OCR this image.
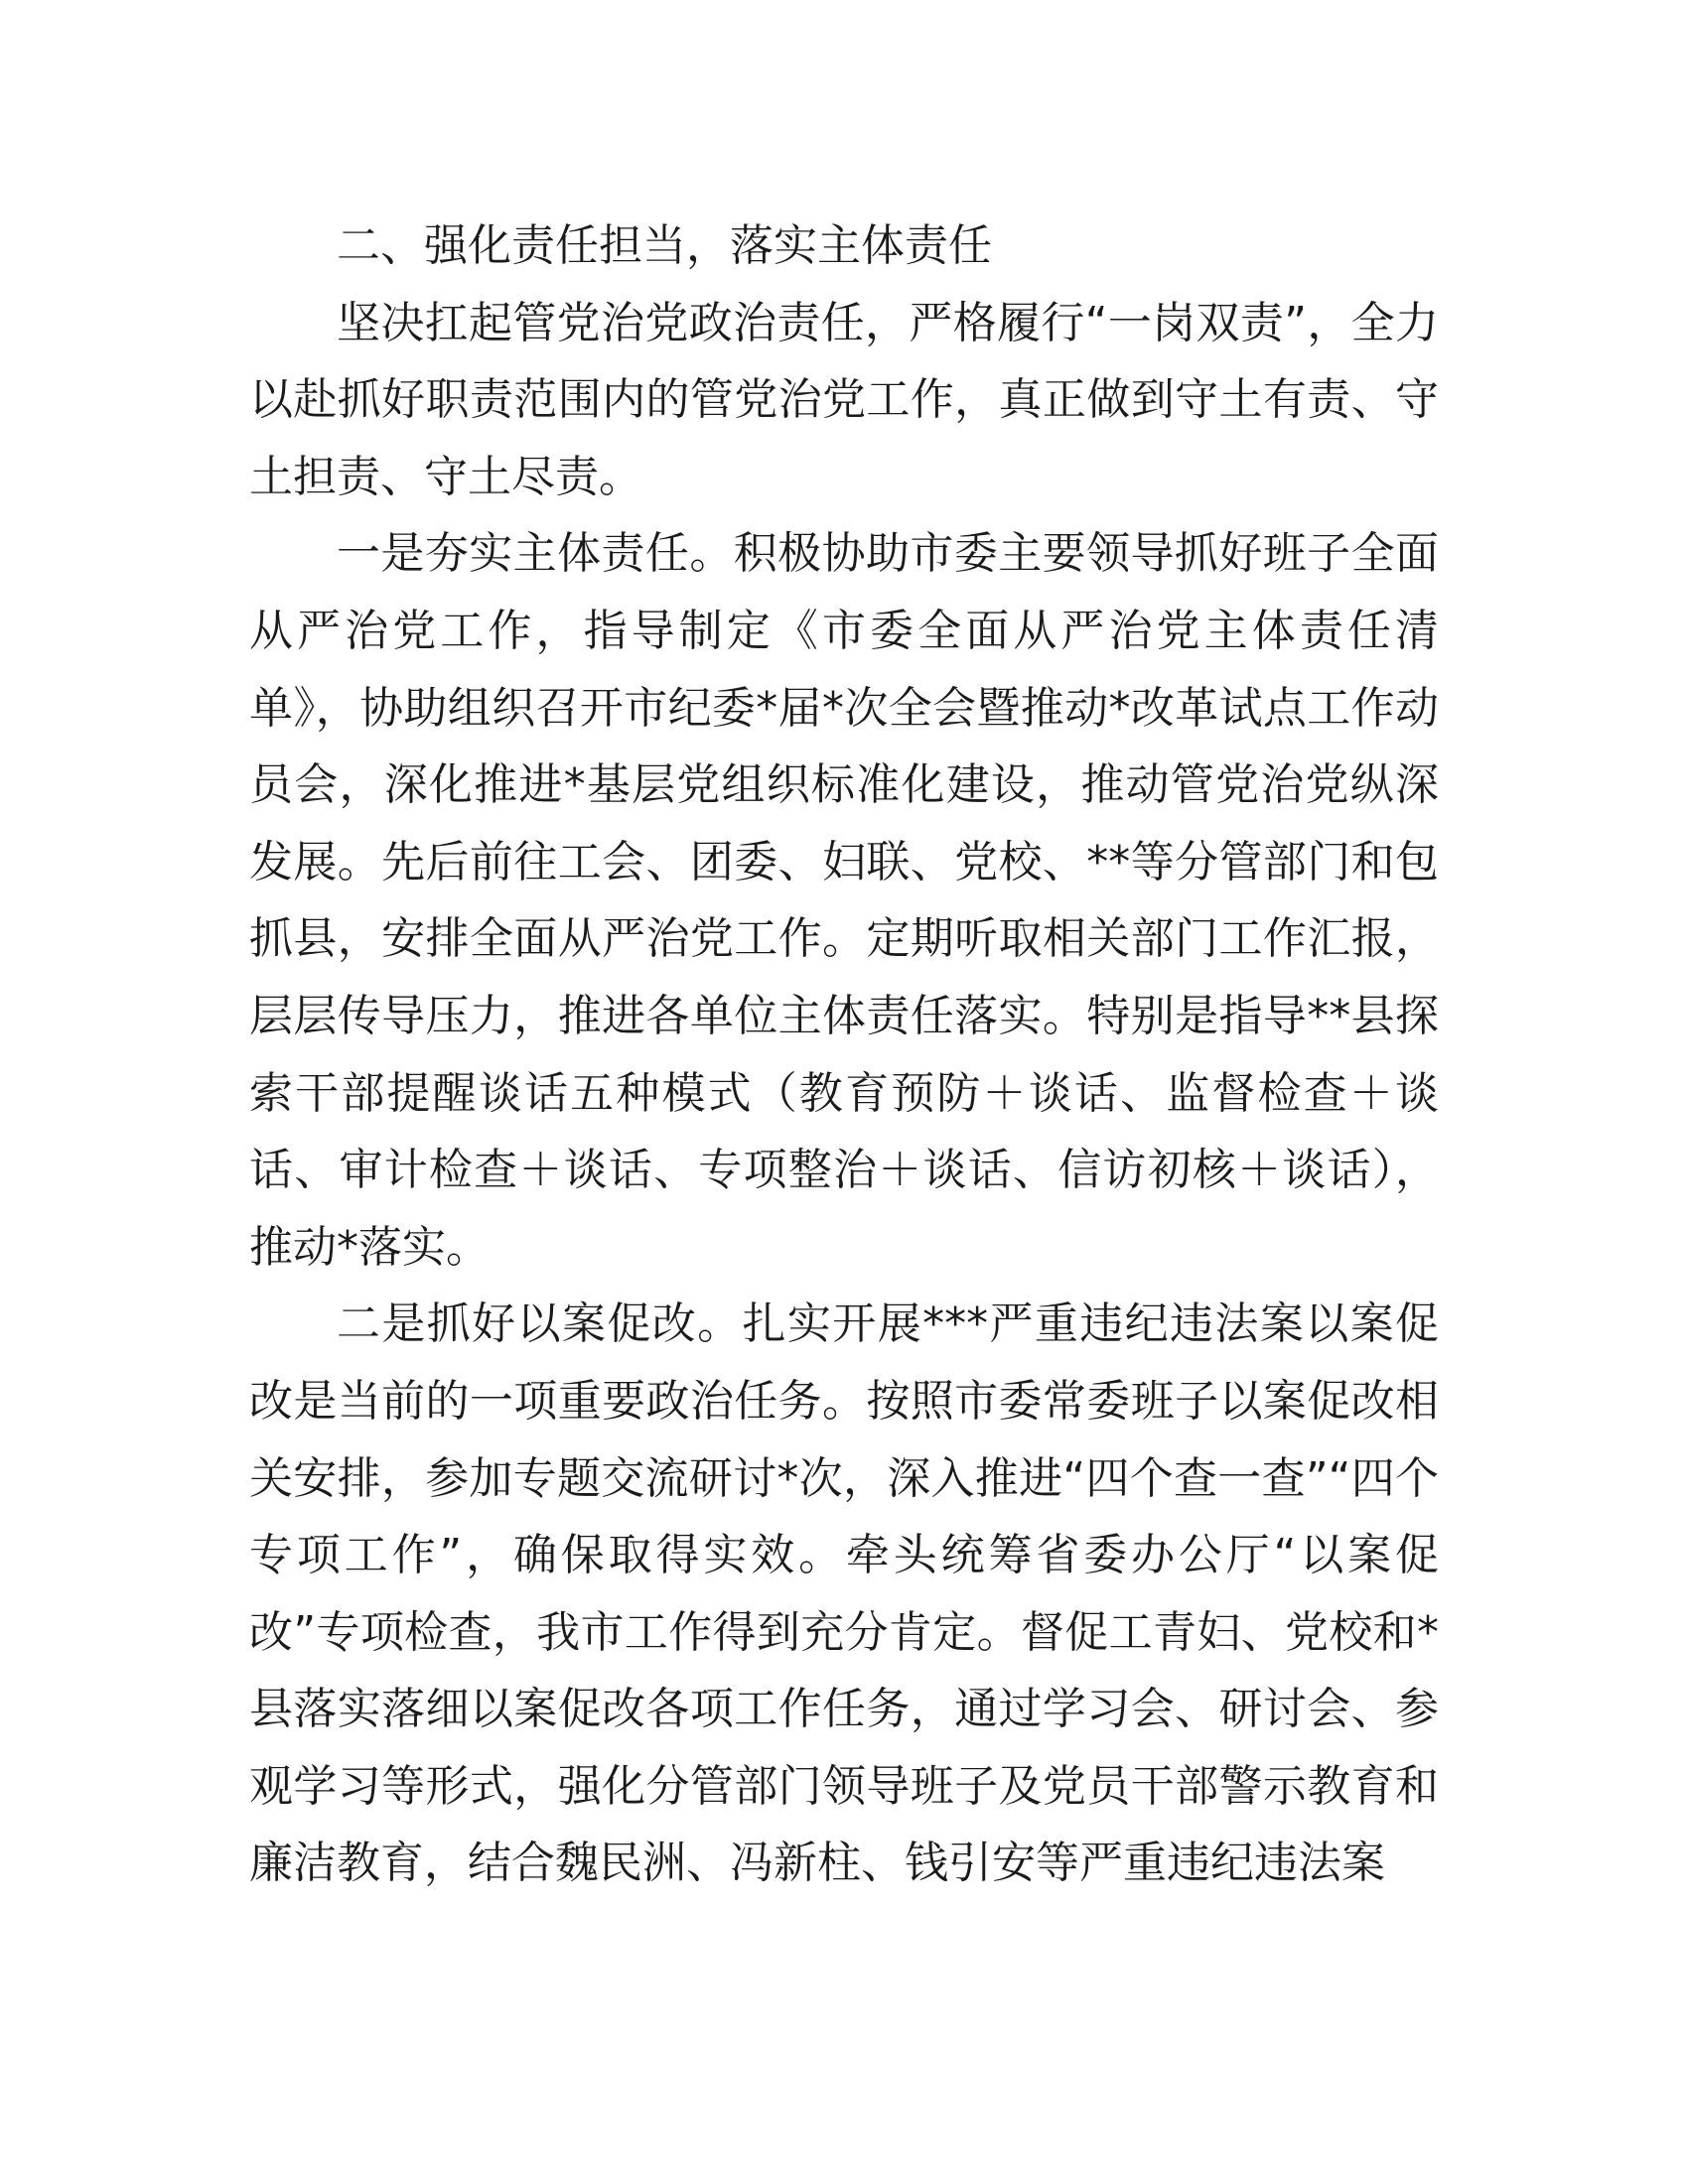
二、强化责任担当，落实主体责任

坚决扛起管党治党政治责任，严格履行“一岗双责”，全力以赴抓好职责范围内的管党治党工作，真正做到守土有责、守土担责、守土尽责。

一是夯实主体责任。积极协助市委主要领导抓好班子全面从严治党工作，指导制定《市委全面从严治党主体责任清单》，协助组织召开市纪委*届*次全会暨推动*改革试点工作动员会，深化推进*基层党组织标准化建设，推动管党治党纵深发展。先后前往工会、团委、妇联、党校、**等分管部门和包抓县，安排全面从严治党工作。定期听取相关部门工作汇报，层层传导压力，推进各单位主体责任落实。特别是指导**县探索干部提醒谈话五种模式（教育预防＋谈话、监督检查＋谈话、审计检查＋谈话、专项整治＋谈话、信访初核＋谈话），推动*落实。

二是抓好以案促改。扎实开展***严重违纪违法案以案促改是当前的一项重要政治任务。按照市委常委班子以案促改相关安排，参加专题交流研讨*次，深入推进“四个查一查”“四个专项工作”，确保取得实效。牵头统筹省委办公厅“以案促改”专项检查，我市工作得到充分肯定。督促工青妇、党校和*县落实落细以案促改各项工作任务，通过学习会、研讨会、参观学习等形式，强化分管部门领导班子及党员干部警示教育和廉洁教育，结合魏民洲、冯新柱、钱引安等严重违纪违法案
